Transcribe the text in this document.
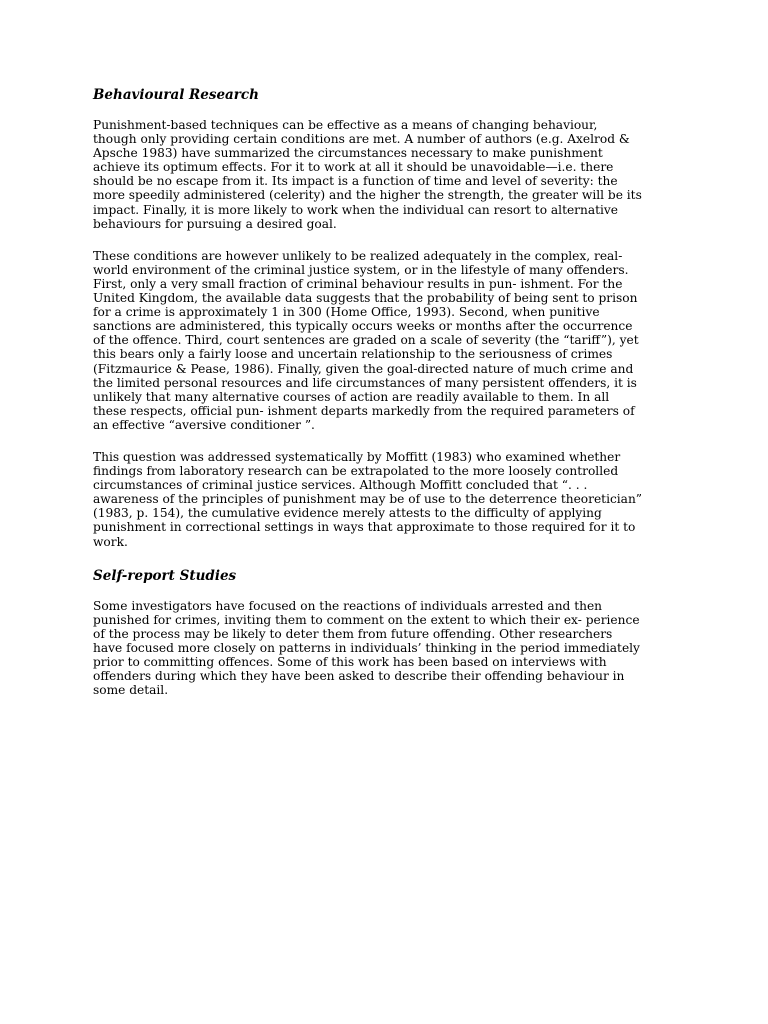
Behavioural Research
Punishment-based techniques can be effective as a means of changing behaviour,
though only providing certain conditions are met. A number of authors (e.g. Axelrod &
Apsche 1983) have summarized the circumstances necessary to make punishment
achieve its optimum effects. For it to work at all it should be unavoidable—i.e. there
should be no escape from it. Its impact is a function of time and level of severity: the
more speedily administered (celerity) and the higher the strength, the greater will be its
impact. Finally, it is more likely to work when the individual can resort to alternative
behaviours for pursuing a desired goal.
These conditions are however unlikely to be realized adequately in the complex, real-
world environment of the criminal justice system, or in the lifestyle of many offenders.
First, only a very small fraction of criminal behaviour results in pun- ishment. For the
United Kingdom, the available data suggests that the probability of being sent to prison
for a crime is approximately 1 in 300 (Home Office, 1993). Second, when punitive
sanctions are administered, this typically occurs weeks or months after the occurrence
of the offence. Third, court sentences are graded on a scale of severity (the “tariff”), yet
this bears only a fairly loose and uncertain relationship to the seriousness of crimes
(Fitzmaurice & Pease, 1986). Finally, given the goal-directed nature of much crime and
the limited personal resources and life circumstances of many persistent offenders, it is
unlikely that many alternative courses of action are readily available to them. In all
these respects, official pun- ishment departs markedly from the required parameters of
an effective “aversive conditioner ”.
This question was addressed systematically by Moffitt (1983) who examined whether
findings from laboratory research can be extrapolated to the more loosely controlled
circumstances of criminal justice services. Although Moffitt concluded that “. . .
awareness of the principles of punishment may be of use to the deterrence theoretician”
(1983, p. 154), the cumulative evidence merely attests to the difficulty of applying
punishment in correctional settings in ways that approximate to those required for it to
work.
Self-report Studies
Some investigators have focused on the reactions of individuals arrested and then
punished for crimes, inviting them to comment on the extent to which their ex- perience
of the process may be likely to deter them from future offending. Other researchers
have focused more closely on patterns in individuals’ thinking in the period immediately
prior to committing offences. Some of this work has been based on interviews with
offenders during which they have been asked to describe their offending behaviour in
some detail.
